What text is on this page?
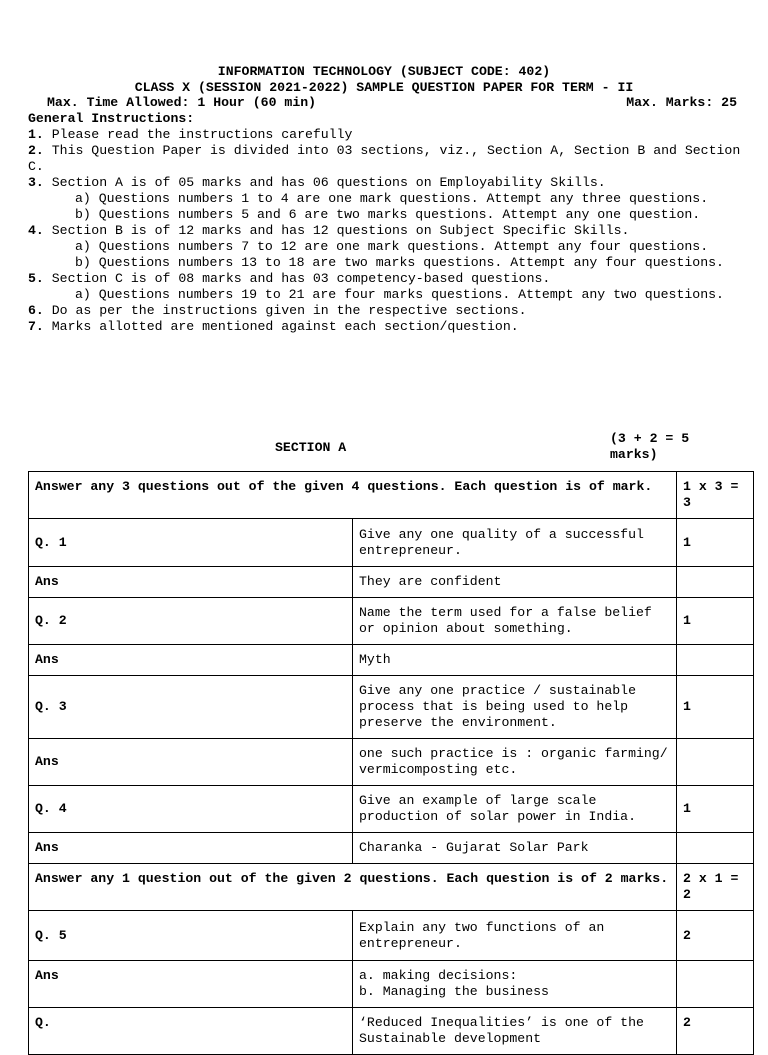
INFORMATION TECHNOLOGY (SUBJECT CODE: 402)
CLASS X (SESSION 2021-2022) SAMPLE QUESTION PAPER FOR TERM - II
Max. Time Allowed: 1 Hour (60 min)	Max. Marks: 25
General Instructions:
1. Please read the instructions carefully
2. This Question Paper is divided into 03 sections, viz., Section A, Section B and Section C.
3. Section A is of 05 marks and has 06 questions on Employability Skills.
a) Questions numbers 1 to 4 are one mark questions. Attempt any three questions.
b) Questions numbers 5 and 6 are two marks questions. Attempt any one question.
4. Section B is of 12 marks and has 12 questions on Subject Specific Skills.
a) Questions numbers 7 to 12 are one mark questions. Attempt any four questions.
b) Questions numbers 13 to 18 are two marks questions. Attempt any four questions.
5. Section C is of 08 marks and has 03 competency-based questions.
a) Questions numbers 19 to 21 are four marks questions. Attempt any two questions.
6. Do as per the instructions given in the respective sections.
7. Marks allotted are mentioned against each section/question.
SECTION A
(3 + 2 = 5 marks)
Answer any 3 questions out of the given 4 questions. Each question is of mark.		1 x 3 = 3
Q. 1	Give any one quality of a successful entrepreneur.	1
Ans	They are confident	
Q. 2	Name the term used for a false belief or opinion about something.	1
Ans	Myth	
Q. 3	Give any one practice / sustainable process that is being used to help preserve the environment.	1
Ans	one such practice is : organic farming/ vermicomposting etc.	
Q. 4	Give an example of large scale production of solar power in India.	1
Ans	Charanka - Gujarat Solar Park	
Answer any 1 question out of the given 2 questions. Each question is of 2 marks.		2 x 1 = 2
Q. 5	Explain any two functions of an entrepreneur.	2
Ans	a. making decisions:
b. Managing the business	

Q.	‘Reduced Inequalities’ is one of the Sustainable development	2
